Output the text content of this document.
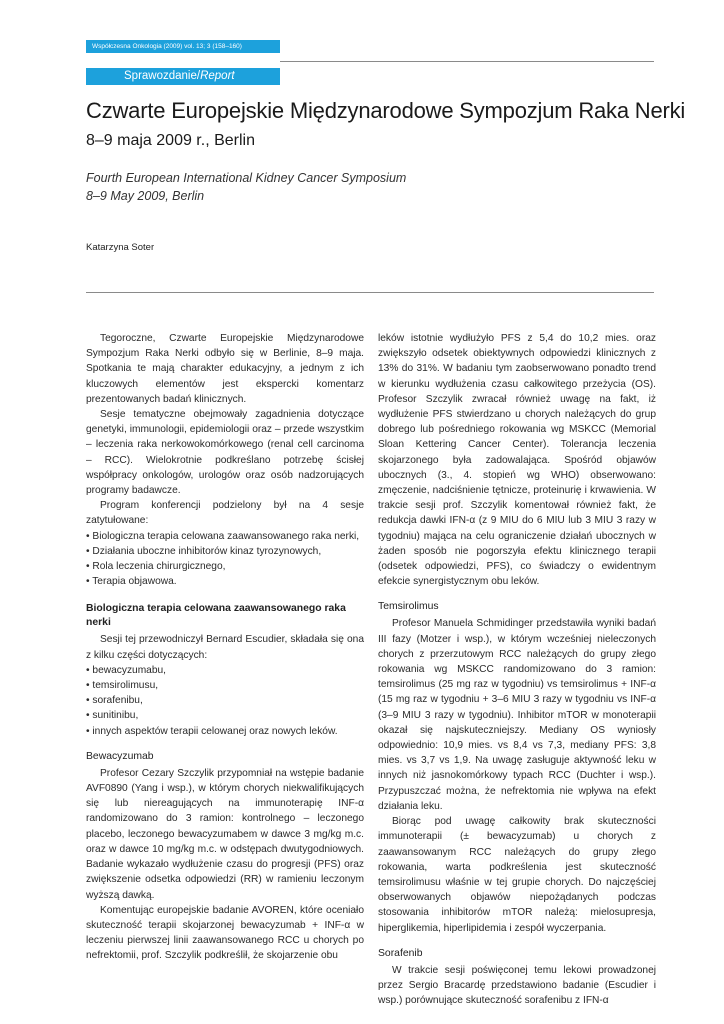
Współczesna Onkologia (2009) vol. 13; 3 (158–160)
Sprawozdanie/Report
Czwarte Europejskie Międzynarodowe Sympozjum Raka Nerki
8–9 maja 2009 r., Berlin
Fourth European International Kidney Cancer Symposium
8–9 May 2009, Berlin
Katarzyna Soter

Tegoroczne, Czwarte Europejskie Międzynarodowe Sympozjum Raka Nerki odbyło się w Berlinie, 8–9 maja. Spotkania te mają charakter edukacyjny, a jednym z ich kluczowych elementów jest ekspercki komentarz prezentowanych badań klinicznych.

Sesje tematyczne obejmowały zagadnienia dotyczące genetyki, immunologii, epidemiologii oraz – przede wszystkim – leczenia raka nerkowokomórkowego (renal cell carcinoma – RCC). Wielokrotnie podkreślano potrzebę ścisłej współpracy onkologów, urologów oraz osób nadzorujących programy badawcze.

Program konferencji podzielony był na 4 sesje zatytułowane:

• Biologiczna terapia celowana zaawansowanego raka nerki,

• Działania uboczne inhibitorów kinaz tyrozynowych,

• Rola leczenia chirurgicznego,

• Terapia objawowa.

Biologiczna terapia celowana zaawansowanego raka nerki

Sesji tej przewodniczył Bernard Escudier, składała się ona z kilku części dotyczących:

• bewacyzumabu,

• temsirolimusu,

• sorafenibu,

• sunitinibu,

• innych aspektów terapii celowanej oraz nowych leków.

Bewacyzumab

Profesor Cezary Szczylik przypomniał na wstępie badanie AVF0890 (Yang i wsp.), w którym chorych niekwalifikujących się lub niereagujących na immunoterapię INF-α randomizowano do 3 ramion: kontrolnego – leczonego placebo, leczonego bewacyzumabem w dawce 3 mg/kg m.c. oraz w dawce 10 mg/kg m.c. w odstępach dwutygodniowych. Badanie wykazało wydłużenie czasu do progresji (PFS) oraz zwiększenie odsetka odpowiedzi (RR) w ramieniu leczonym wyższą dawką.

Komentując europejskie badanie AVOREN, które oceniało skuteczność terapii skojarzonej bewacyzumab + INF-α w leczeniu pierwszej linii zaawansowanego RCC u chorych po nefrektomii, prof. Szczylik podkreślił, że skojarzenie obu

leków istotnie wydłużyło PFS z 5,4 do 10,2 mies. oraz zwiększyło odsetek obiektywnych odpowiedzi klinicznych z 13% do 31%. W badaniu tym zaobserwowano ponadto trend w kierunku wydłużenia czasu całkowitego przeżycia (OS). Profesor Szczylik zwracał również uwagę na fakt, iż wydłużenie PFS stwierdzano u chorych należących do grup dobrego lub pośredniego rokowania wg MSKCC (Memorial Sloan Kettering Cancer Center). Tolerancja leczenia skojarzonego była zadowalająca. Spośród objawów ubocznych (3., 4. stopień wg WHO) obserwowano: zmęczenie, nadciśnienie tętnicze, proteinurię i krwawienia. W trakcie sesji prof. Szczylik komentował również fakt, że redukcja dawki IFN-α (z 9 MIU do 6 MIU lub 3 MIU 3 razy w tygodniu) mająca na celu ograniczenie działań ubocznych w żaden sposób nie pogorszyła efektu klinicznego terapii (odsetek odpowiedzi, PFS), co świadczy o ewidentnym efekcie synergistycznym obu leków.

Temsirolimus

Profesor Manuela Schmidinger przedstawiła wyniki badań III fazy (Motzer i wsp.), w którym wcześniej nieleczonych chorych z przerzutowym RCC należących do grupy złego rokowania wg MSKCC randomizowano do 3 ramion: temsirolimus (25 mg raz w tygodniu) vs temsirolimus + INF-α (15 mg raz w tygodniu + 3–6 MIU 3 razy w tygodniu vs INF-α (3–9 MIU 3 razy w tygodniu). Inhibitor mTOR w monoterapii okazał się najskuteczniejszy. Mediany OS wyniosły odpowiednio: 10,9 mies. vs 8,4 vs 7,3, mediany PFS: 3,8 mies. vs 3,7 vs 1,9. Na uwagę zasługuje aktywność leku w innych niż jasnokomórkowy typach RCC (Duchter i wsp.). Przypuszczać można, że nefrektomia nie wpływa na efekt działania leku.

Biorąc pod uwagę całkowity brak skuteczności immunoterapii (± bewacyzumab) u chorych z zaawansowanym RCC należących do grupy złego rokowania, warta podkreślenia jest skuteczność temsirolimusu właśnie w tej grupie chorych. Do najczęściej obserwowanych objawów niepożądanych podczas stosowania inhibitorów mTOR należą: mielosupresja, hiperglikemia, hiperlipidemia i zespół wyczerpania.

Sorafenib

W trakcie sesji poświęconej temu lekowi prowadzonej przez Sergio Bracardę przedstawiono badanie (Escudier i wsp.) porównujące skuteczność sorafenibu z IFN-α
